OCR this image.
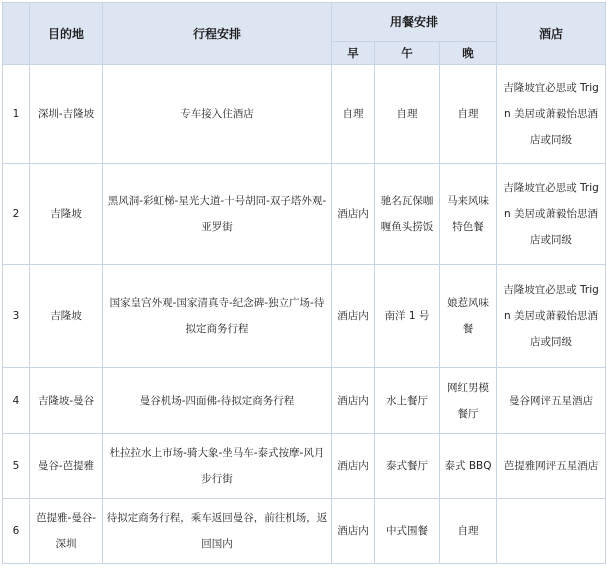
	目的地	行程安排	用餐安排			酒店
			早	午	晚	
1	深圳-吉隆坡	专车接入住酒店	自理	自理	自理	吉隆坡宜必思或 Trign 美居或萧毅怡思酒店或同级
2	吉隆坡	黑风洞-彩虹梯-星光大道-十号胡同-双子塔外观-亚罗街	酒店内	驰名瓦保咖喱鱼头捞饭	马来风味特色餐	吉隆坡宜必思或 Trign 美居或萧毅怡思酒店或同级
3	吉隆坡	国家皇宫外观-国家清真寺-纪念碑-独立广场-待拟定商务行程	酒店内	南洋 1 号	娘惹风味餐	吉隆坡宜必思或 Trign 美居或萧毅怡思酒店或同级
4	吉隆坡-曼谷	曼谷机场-四面佛-待拟定商务行程	酒店内	水上餐厅	网红男模餐厅	曼谷网评五星酒店
5	曼谷-芭提雅	杜拉拉水上市场-骑大象-坐马车-泰式按摩-风月步行街	酒店内	泰式餐厅	泰式 BBQ	芭提雅网评五星酒店
6	芭提雅-曼谷-深圳	待拟定商务行程，乘车返回曼谷，前往机场，返回国内	酒店内	中式围餐	自理	
